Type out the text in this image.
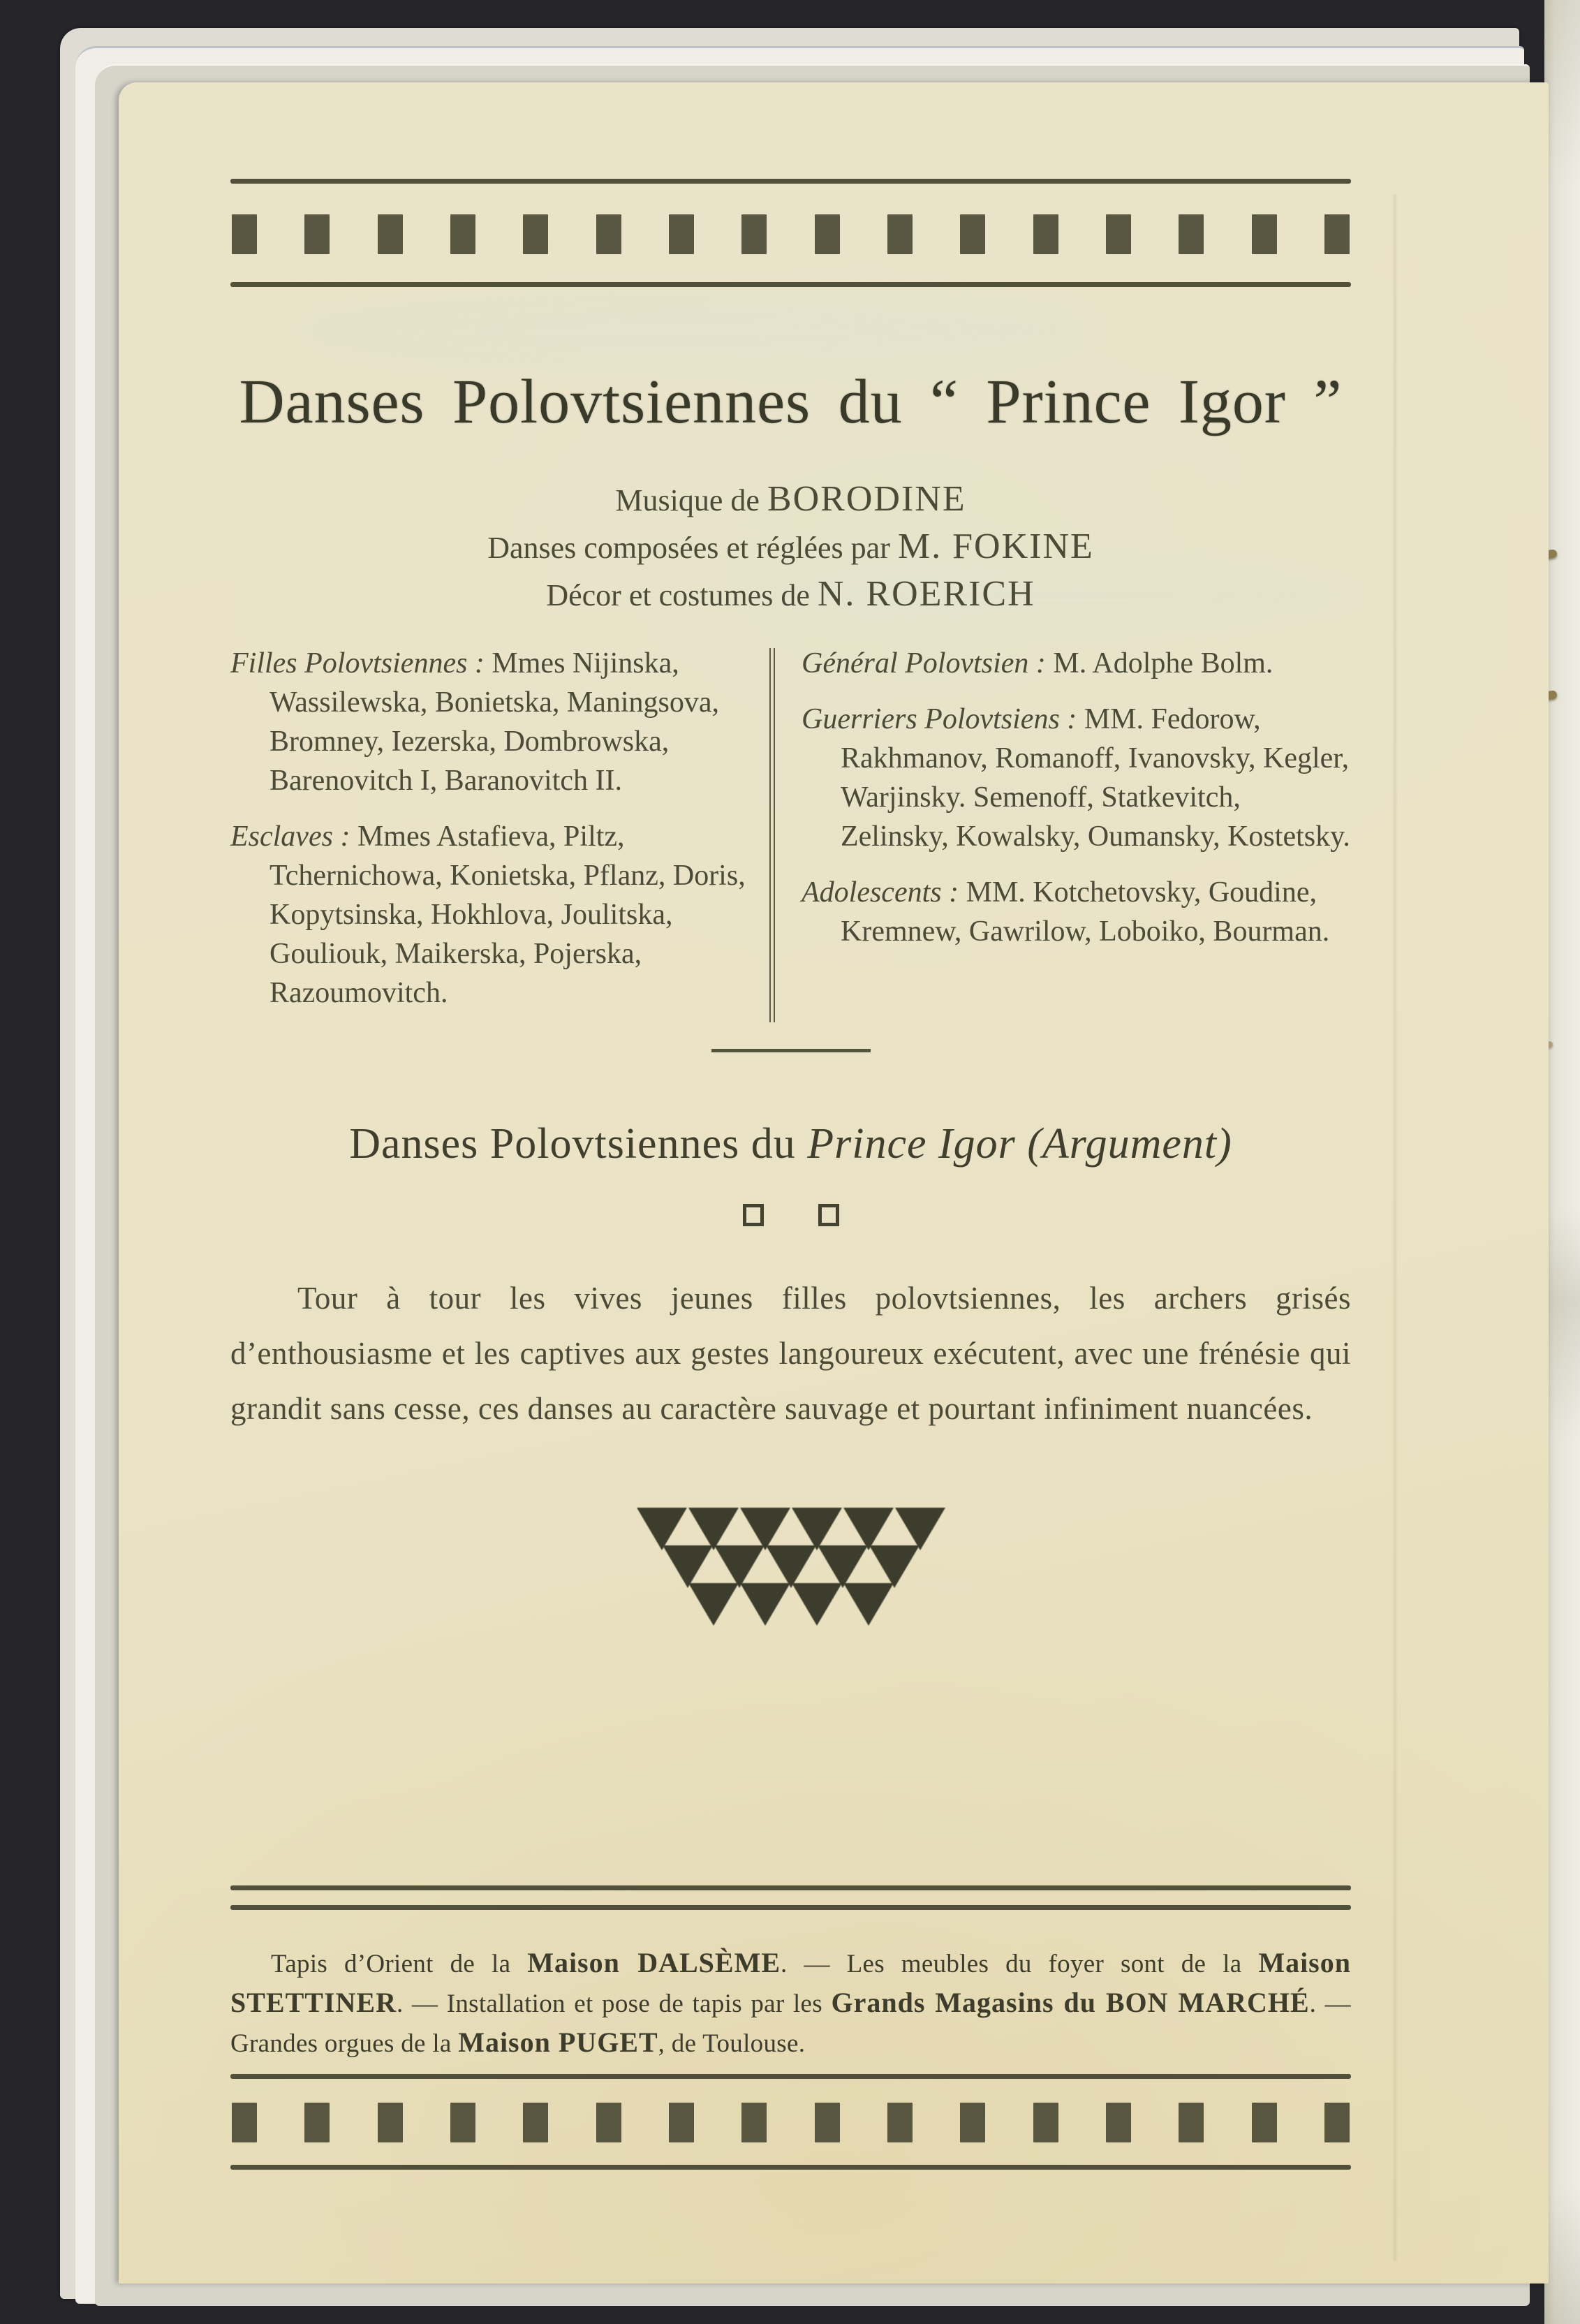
Danses Polovtsiennes du “ Prince Igor ”

Musique de BORODINE

Danses composées et réglées par M. FOKINE

Décor et costumes de N. ROERICH

Filles Polovtsiennes : Mmes Nijinska, Wassilewska, Bonietska, Maningsova, Bromney, Iezerska, Dombrowska, Barenovitch I, Baranovitch II.

Esclaves : Mmes Astafieva, Piltz, Tchernichowa, Konietska, Pflanz, Doris, Kopytsinska, Hokhlova, Joulitska, Gouliouk, Maikerska, Pojerska, Razoumovitch.

Général Polovtsien : M. Adolphe Bolm.

Guerriers Polovtsiens : MM. Fedorow, Rakhmanov, Romanoff, Ivanovsky, Kegler, Warjinsky. Semenoff, Statkevitch, Zelinsky, Kowalsky, Oumansky, Kostetsky.

Adolescents : MM. Kotchetovsky, Goudine, Kremnew, Gawrilow, Loboiko, Bourman.

Danses Polovtsiennes du Prince Igor (Argument)

Tour à tour les vives jeunes filles polovtsiennes, les archers grisés d’enthousiasme et les captives aux gestes langoureux exécutent, avec une frénésie qui grandit sans cesse, ces danses au caractère sauvage et pourtant infiniment nuancées.

Tapis d’Orient de la Maison DALSÈME. — Les meubles du foyer sont de la Maison STETTINER. — Installation et pose de tapis par les Grands Magasins du BON MARCHÉ. — Grandes orgues de la Maison PUGET, de Toulouse.
